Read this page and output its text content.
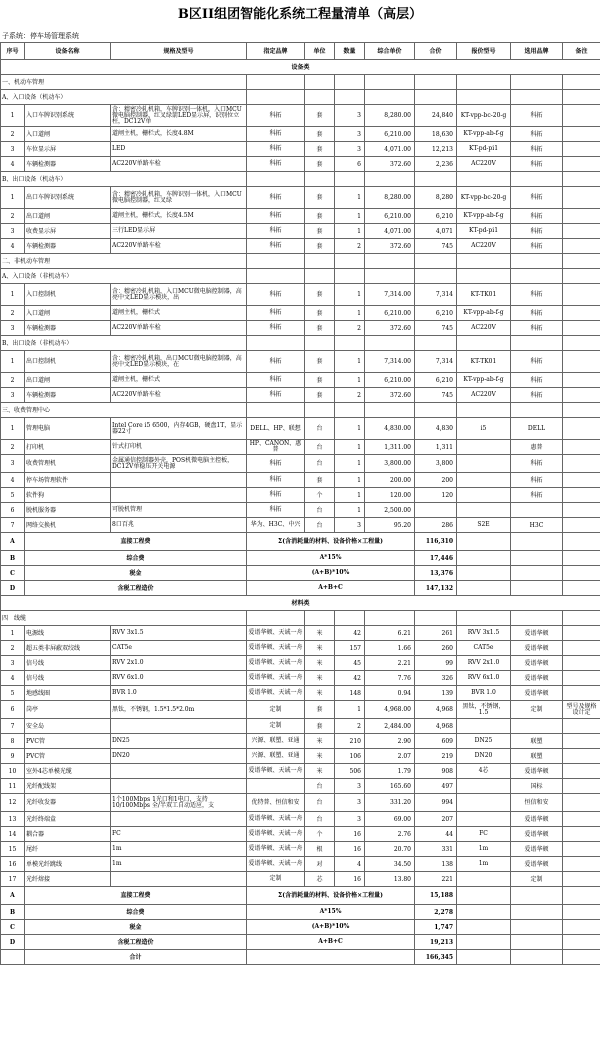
B区II组团智能化系统工程量清单（高层）
子系统：停车场管理系统
序号	设备名称	规格及型号	指定品牌	单位	数量	综合单价	合价	报价型号	选用品牌	备注
设备类										
一、机动车管理										
A、入口设备（机动车）										
1	入口车牌识别系统	含：精密冷轧机箱，车牌识别一体机，入口MCU微电脑控制器，红叉绿箭LED显示屏，识别位立柱，DC12V单	科拓	套	3	8,280.00	24,840	KT-vpp-bc-20-g	科拓	
2	入口道闸	道闸主机，栅栏式，长度4.8M	科拓	套	3	6,210.00	18,630	KT-vpp-ab-f-g	科拓	
3	车位显示屏	LED	科拓	套	3	4,071.00	12,213	KT-pd-pi1	科拓	
4	车辆检测器	AC220V单路车检	科拓	套	6	372.60	2,236	AC220V	科拓	
B、出口设备（机动车）										
1	出口车牌识别系统	含：精密冷轧机箱，车牌识别一体机，入口MCU微电脑控制器，红叉绿	科拓	套	1	8,280.00	8,280	KT-vpp-bc-20-g	科拓	
2	出口道闸	道闸主机，栅栏式，长度4.5M	科拓	套	1	6,210.00	6,210	KT-vpp-ab-f-g	科拓	
3	收费显示屏	三行LED显示屏	科拓	套	1	4,071.00	4,071	KT-pd-pi1	科拓	
4	车辆检测器	AC220V单路车检	科拓	套	2	372.60	745	AC220V	科拓	
二、非机动车管理										
A、入口设备（非机动车）										
1	入口控制机	含：精密冷轧机箱，入口MCU微电脑控制器，高亮中文LED显示模块，出	科拓	套	1	7,314.00	7,314	KT-TK01	科拓	
2	入口道闸	道闸主机，栅栏式	科拓	套	1	6,210.00	6,210	KT-vpp-ab-f-g	科拓	
3	车辆检测器	AC220V单路车检	科拓	套	2	372.60	745	AC220V	科拓	
B、出口设备（非机动车）										
1	出口控制机	含：精密冷轧机箱，出口MCU微电脑控制器，高亮中文LED显示模块，在	科拓	套	1	7,314.00	7,314	KT-TK01	科拓	
2	出口道闸	道闸主机，栅栏式	科拓	套	1	6,210.00	6,210	KT-vpp-ab-f-g	科拓	
3	车辆检测器	AC220V单路车检	科拓	套	2	372.60	745	AC220V	科拓	
三、收费管理中心										
1	管理电脑	Intel Core i5 6500，内存4GB，硬盘1T，显示器22寸	DELL、HP、联想	台	1	4,830.00	4,830	i5	DELL	
2	打印机	针式打印机	HP、CANON、惠普	台	1	1,311.00	1,311		惠普	
3	收费管理机	金属通信控制器外壳，POS机微电脑主控板，DC12V单稳压开关电源	科拓	台	1	3,800.00	3,800		科拓	
4	停车场管理软件		科拓	套	1	200.00	200		科拓	
5	软件狗		科拓	个	1	120.00	120		科拓	
6	脱机服务器	可脱机管理	科拓	台	1	2,500.00				
7	网络交换机	8口百兆	华为、H3C、中兴	台	3	95.20	286	S2E	H3C	
A	直接工程费		Σ(含消耗量的材料、设备价格×工程量)				116,310			
B	综合费		A*15%				17,446			
C	税金		(A+B)*10%				13,376			
D	含税工程造价		A+B+C				147,132			
材料类										
四　线缆										
1	电源线	RVV 3x1.5	爱谱华顿、天诚一舟	米	42	6.21	261	RVV 3x1.5	爱谱华顿	
2	超五类非屏蔽双绞线	CAT5e	爱谱华顿、天诚一舟	米	157	1.66	260	CAT5e	爱谱华顿	
3	信号线	RVV 2x1.0	爱谱华顿、天诚一舟	米	45	2.21	99	RVV 2x1.0	爱谱华顿	
4	信号线	RVV 6x1.0	爱谱华顿、天诚一舟	米	42	7.76	326	RVV 6x1.0	爱谱华顿	
5	地感线圈	BVR 1.0	爱谱华顿、天诚一舟	米	148	0.94	139	BVR 1.0	爱谱华顿	
6	岗亭	黑钛，不锈钢，1.5*1.5*2.0m	定制	套	1	4,968.00	4,968	黑钛，不锈钢，1.5	定制	型号及规格设计定
7	安全岛		定制	套	2	2,484.00	4,968			
8	PVC管	DN25	兴源、联塑、亚通	米	210	2.90	609	DN25	联塑	
9	PVC管	DN20	兴源、联塑、亚通	米	106	2.07	219	DN20	联塑	
10	室外4芯单模光缆		爱谱华顿、天诚一舟	米	506	1.79	908	4芯	爱谱华顿	
11	光纤配线架			台	3	165.60	497		国标	
12	光纤收发器	1个100Mbps 1光口和1电口，支持10/100Mbps 全/半双工自动适应，支	优特普、恒信和安	台	3	331.20	994		恒信和安	
13	光纤终端盒		爱谱华顿、天诚一舟	台	3	69.00	207		爱谱华顿	
14	耦合器	FC	爱谱华顿、天诚一舟	个	16	2.76	44	FC	爱谱华顿	
15	尾纤	1m	爱谱华顿、天诚一舟	根	16	20.70	331	1m	爱谱华顿	
16	单模光纤跳线	1m	爱谱华顿、天诚一舟	对	4	34.50	138	1m	爱谱华顿	
17	光纤熔接		定制	芯	16	13.80	221		定制	
A	直接工程费		Σ(含消耗量的材料、设备价格×工程量)				15,188			
B	综合费		A*15%				2,278			
C	税金		(A+B)*10%				1,747			
D	含税工程造价		A+B+C				19,213			
	合计						166,345			
